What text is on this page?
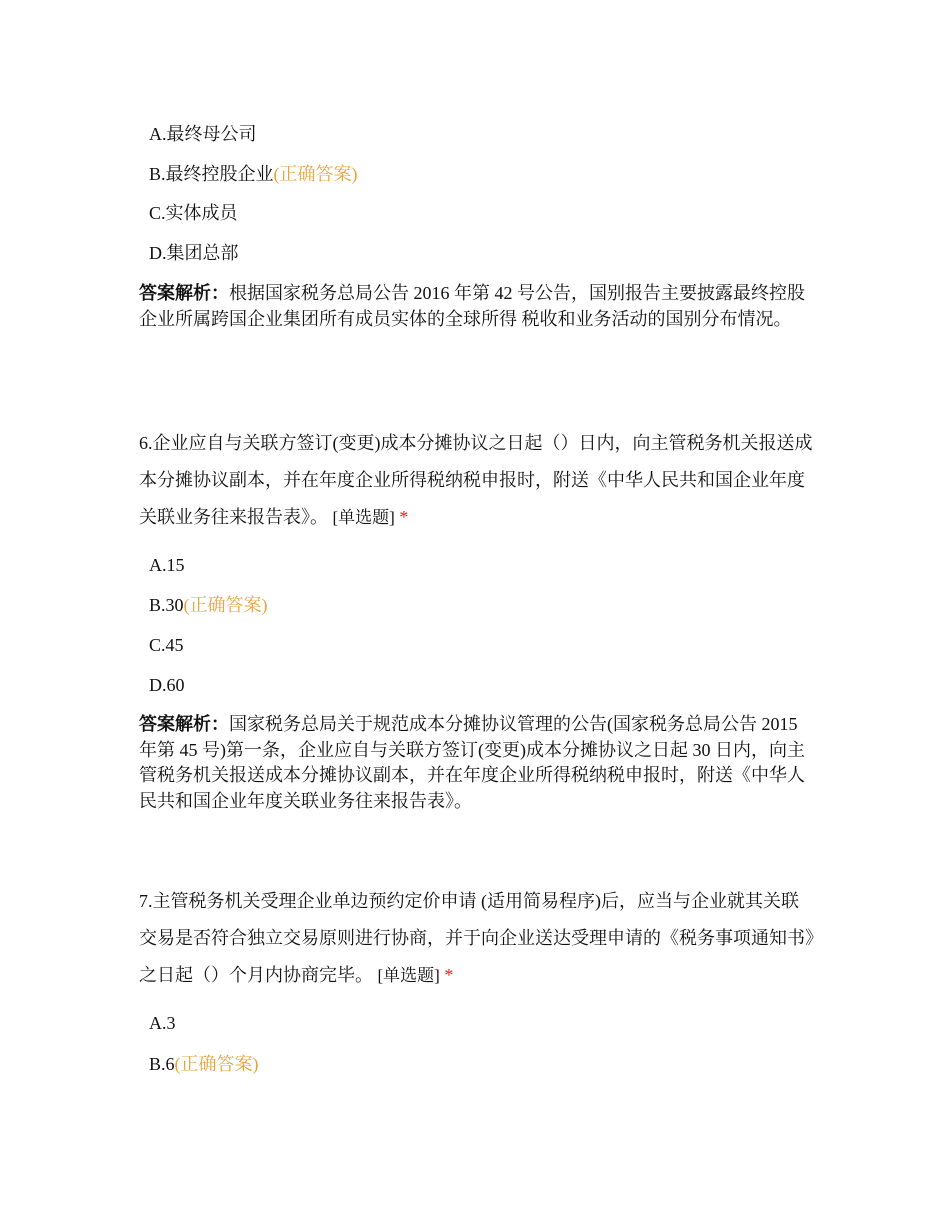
A.最终母公司
B.最终控股企业(正确答案)
C.实体成员
D.集团总部
答案解析：根据国家税务总局公告 2016 年第 42 号公告，国别报告主要披露最终控股企业所属跨国企业集团所有成员实体的全球所得 税收和业务活动的国别分布情况。
6.企业应自与关联方签订(变更)成本分摊协议之日起（）日内，向主管税务机关报送成本分摊协议副本，并在年度企业所得税纳税申报时，附送《中华人民共和国企业年度关联业务往来报告表》。 [单选题] *
A.15
B.30(正确答案)
C.45
D.60
答案解析：国家税务总局关于规范成本分摊协议管理的公告(国家税务总局公告 2015 年第 45 号)第一条，企业应自与关联方签订(变更)成本分摊协议之日起 30 日内，向主管税务机关报送成本分摊协议副本，并在年度企业所得税纳税申报时，附送《中华人民共和国企业年度关联业务往来报告表》。
7.主管税务机关受理企业单边预约定价申请 (适用简易程序)后，应当与企业就其关联交易是否符合独立交易原则进行协商，并于向企业送达受理申请的《税务事项通知书》之日起（）个月内协商完毕。 [单选题] *
A.3
B.6(正确答案)
